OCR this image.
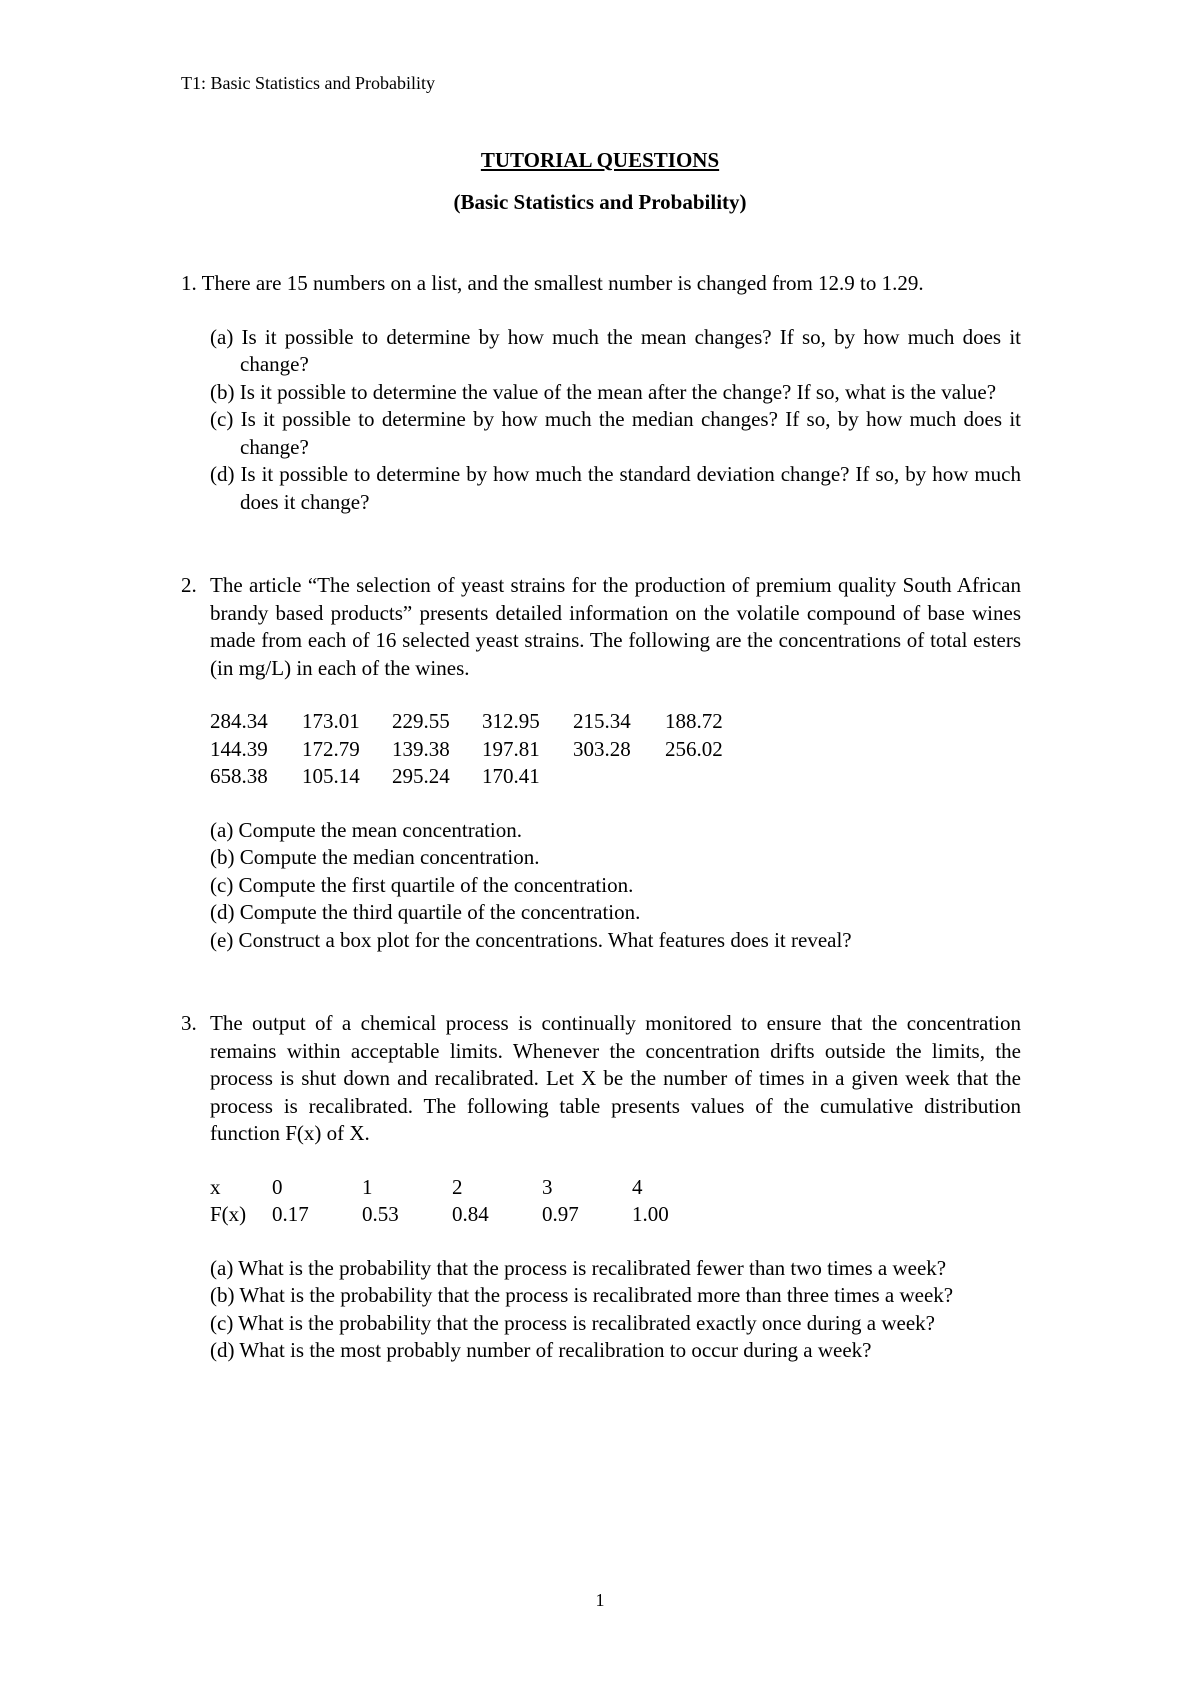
T1: Basic Statistics and Probability
TUTORIAL QUESTIONS
(Basic Statistics and Probability)
1. There are 15 numbers on a list, and the smallest number is changed from 12.9 to 1.29.
(a) Is it possible to determine by how much the mean changes? If so, by how much does it change?
(b) Is it possible to determine the value of the mean after the change? If so, what is the value?
(c) Is it possible to determine by how much the median changes? If so, by how much does it change?
(d) Is it possible to determine by how much the standard deviation change? If so, by how much does it change?
2. The article “The selection of yeast strains for the production of premium quality South African brandy based products” presents detailed information on the volatile compound of base wines made from each of 16 selected yeast strains. The following are the concentrations of total esters (in mg/L) in each of the wines.
284.34	173.01	229.55	312.95	215.34	188.72
144.39	172.79	139.38	197.81	303.28	256.02
658.38	105.14	295.24	170.41		
(a) Compute the mean concentration.
(b) Compute the median concentration.
(c) Compute the first quartile of the concentration.
(d) Compute the third quartile of the concentration.
(e) Construct a box plot for the concentrations. What features does it reveal?
3. The output of a chemical process is continually monitored to ensure that the concentration remains within acceptable limits. Whenever the concentration drifts outside the limits, the process is shut down and recalibrated. Let X be the number of times in a given week that the process is recalibrated. The following table presents values of the cumulative distribution function F(x) of X.
x	0	1	2	3	4
F(x)	0.17	0.53	0.84	0.97	1.00
(a) What is the probability that the process is recalibrated fewer than two times a week?
(b) What is the probability that the process is recalibrated more than three times a week?
(c) What is the probability that the process is recalibrated exactly once during a week?
(d) What is the most probably number of recalibration to occur during a week?
1
